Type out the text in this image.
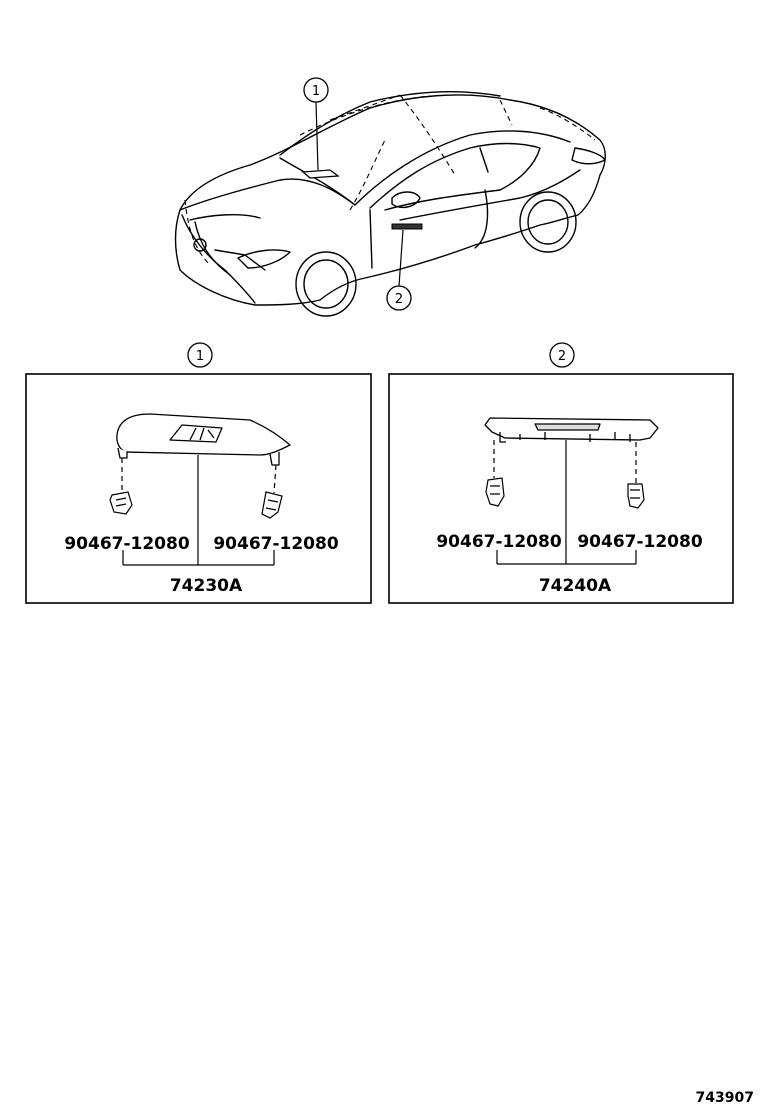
1
2
1
90467-12080 90467-12080
74230A
2
90467-12080 90467-12080
74240A
743907
